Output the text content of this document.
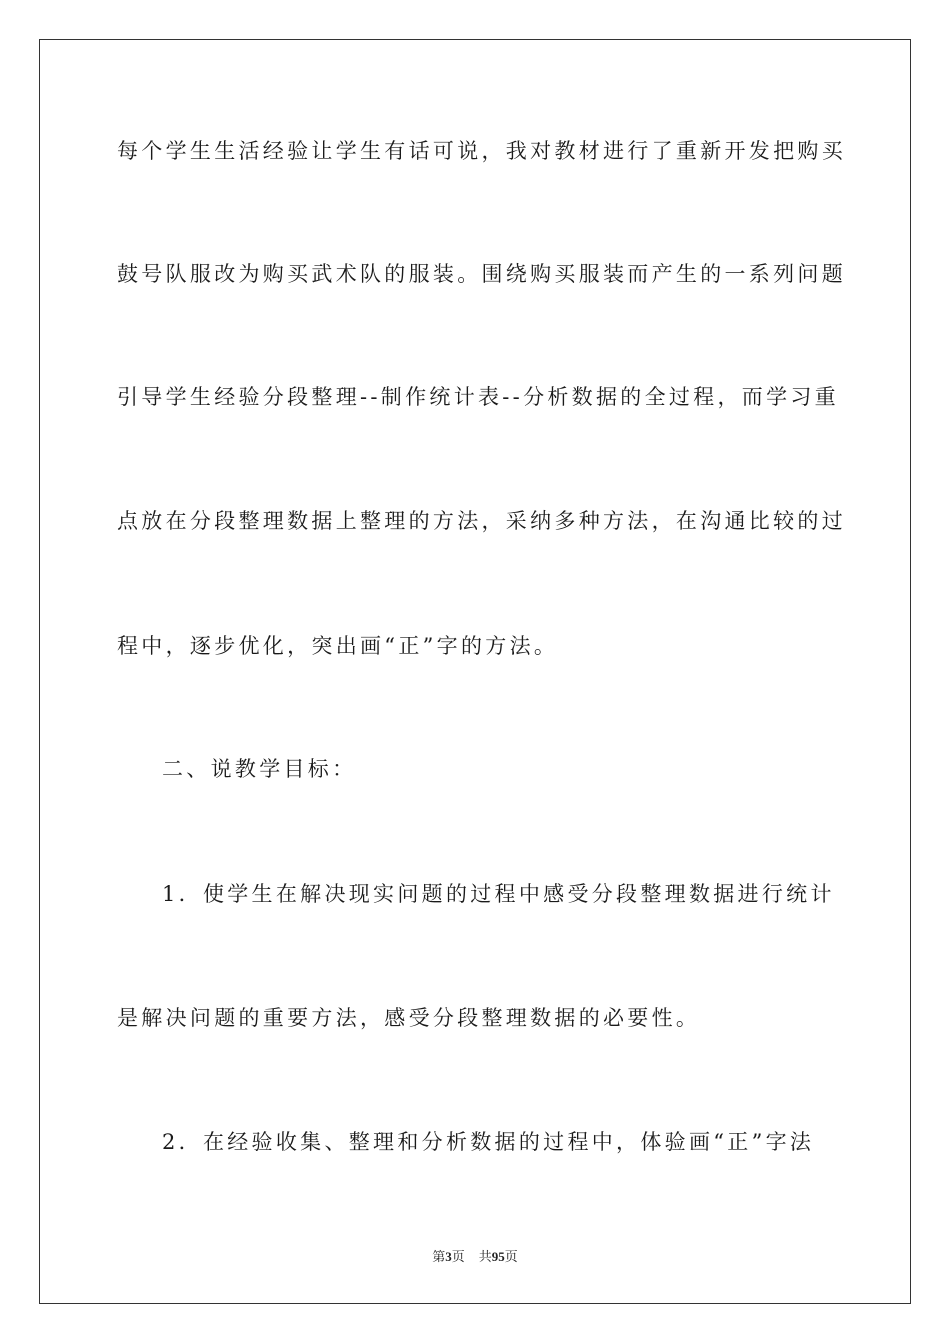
每个学生生活经验让学生有话可说，我对教材进行了重新开发把购买
鼓号队服改为购买武术队的服装。围绕购买服装而产生的一系列问题
引导学生经验分段整理--制作统计表--分析数据的全过程，而学习重
点放在分段整理数据上整理的方法，采纳多种方法，在沟通比较的过
程中，逐步优化，突出画“正”字的方法。
二、说教学目标：
1．使学生在解决现实问题的过程中感受分段整理数据进行统计
是解决问题的重要方法，感受分段整理数据的必要性。
2．在经验收集、整理和分析数据的过程中，体验画“正”字法
第3页 共95页
